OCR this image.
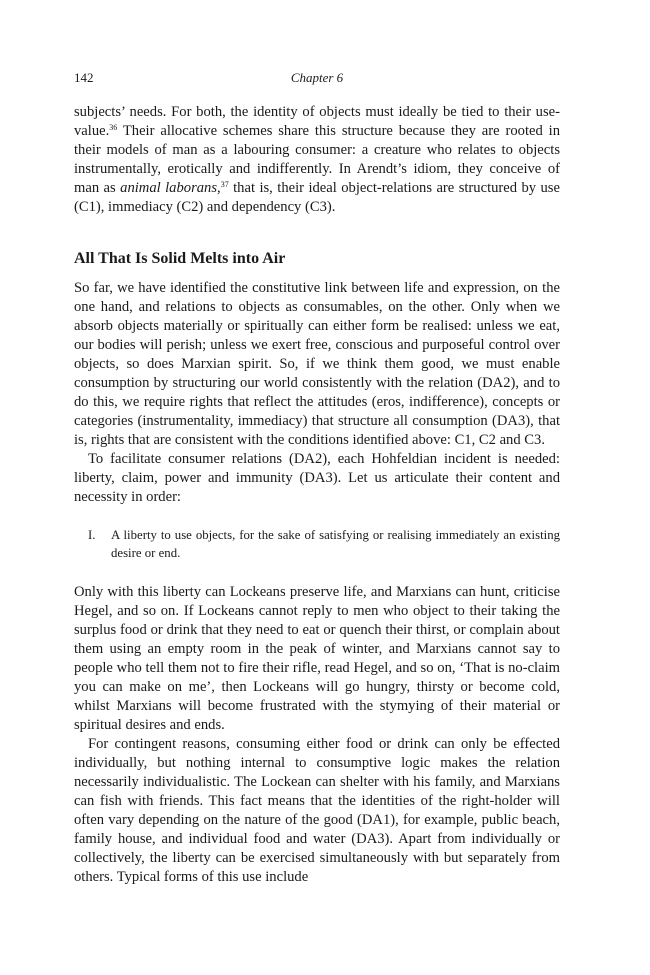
142	Chapter 6

subjects’ needs. For both, the identity of objects must ideally be tied to their use-value.$^{36}$ Their allocative schemes share this structure because they are rooted in their models of man as a labouring consumer: a creature who relates to objects instrumentally, erotically and indifferently. In Arendt’s idiom, they conceive of man as animal laborans,$^{37}$ that is, their ideal object-relations are structured by use (C1), immediacy (C2) and dependency (C3).

All That Is Solid Melts into Air

So far, we have identified the constitutive link between life and expression, on the one hand, and relations to objects as consumables, on the other. Only when we absorb objects materially or spiritually can either form be realised: unless we eat, our bodies will perish; unless we exert free, conscious and purposeful control over objects, so does Marxian spirit. So, if we think them good, we must enable consumption by structuring our world consistently with the relation (DA2), and to do this, we require rights that reflect the attitudes (eros, indifference), concepts or categories (instrumentality, immediacy) that structure all consumption (DA3), that is, rights that are consistent with the conditions identified above: C1, C2 and C3.

To facilitate consumer relations (DA2), each Hohfeldian incident is needed: liberty, claim, power and immunity (DA3). Let us articulate their content and necessity in order:

I.	A liberty to use objects, for the sake of satisfying or realising immediately an existing desire or end.

Only with this liberty can Lockeans preserve life, and Marxians can hunt, criticise Hegel, and so on. If Lockeans cannot reply to men who object to their taking the surplus food or drink that they need to eat or quench their thirst, or complain about them using an empty room in the peak of winter, and Marxians cannot say to people who tell them not to fire their rifle, read Hegel, and so on, ‘That is no-claim you can make on me’, then Lockeans will go hungry, thirsty or become cold, whilst Marxians will become frustrated with the stymying of their material or spiritual desires and ends.

For contingent reasons, consuming either food or drink can only be effected individually, but nothing internal to consumptive logic makes the relation necessarily individualistic. The Lockean can shelter with his family, and Marxians can fish with friends. This fact means that the identities of the right-holder will often vary depending on the nature of the good (DA1), for example, public beach, family house, and individual food and water (DA3). Apart from individually or collectively, the liberty can be exercised simultaneously with but separately from others. Typical forms of this use include
